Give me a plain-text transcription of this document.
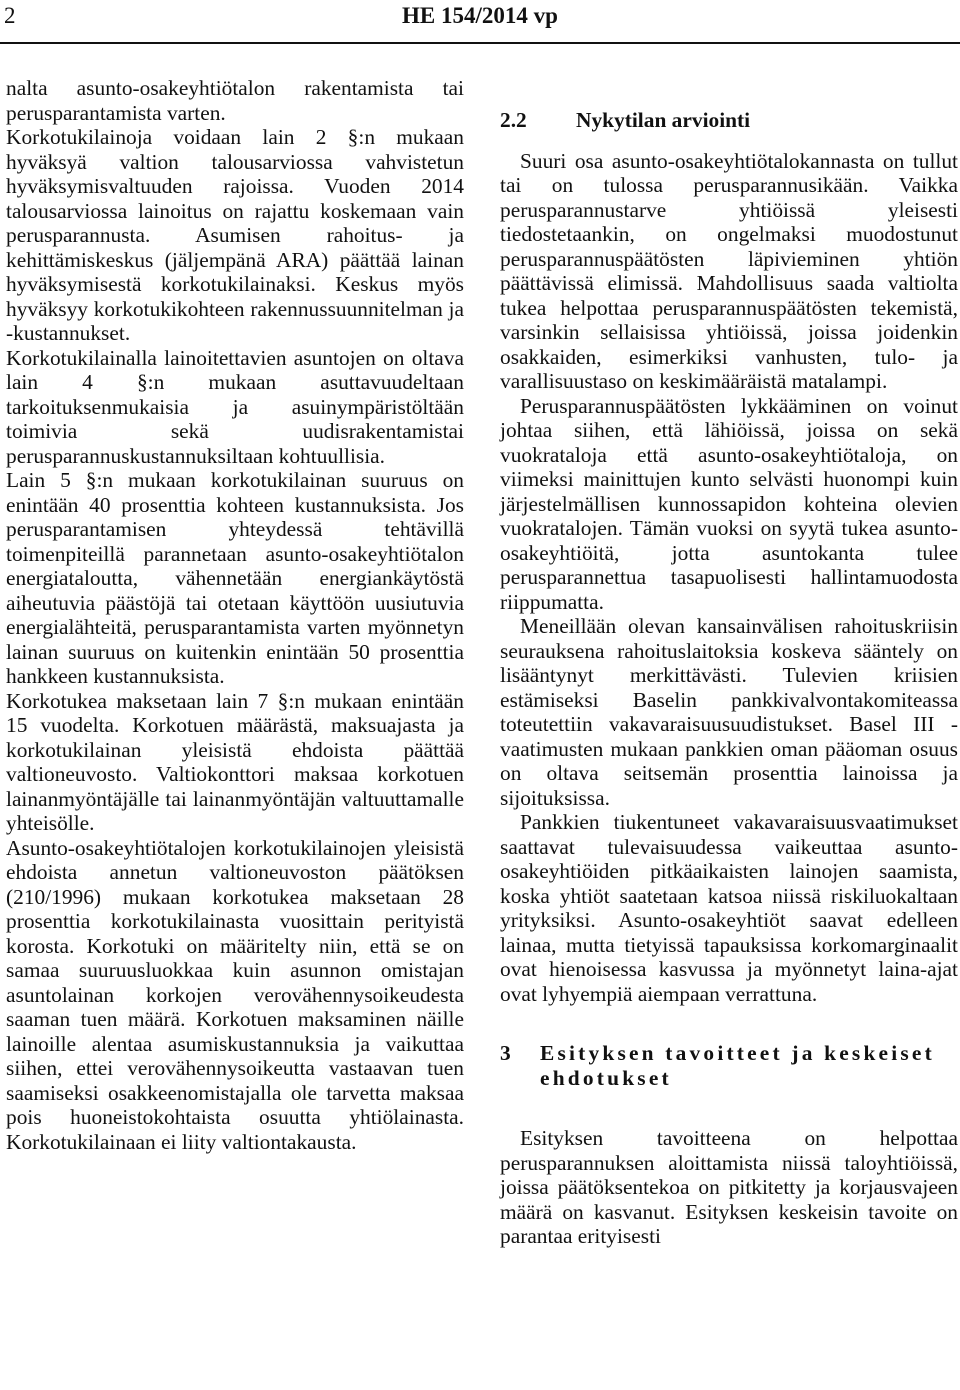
2	HE 154/2014 vp

nalta asunto-osakeyhtiötalon rakentamista tai perusparantamista varten.

Korkotukilainoja voidaan lain 2 §:n mukaan hyväksyä valtion talousarviossa vahvistetun hyväksymisvaltuuden rajoissa. Vuoden 2014 talousarviossa lainoitus on rajattu koskemaan vain perusparannusta. Asumisen rahoitus- ja kehittämiskeskus (jäljempänä ARA) päättää lainan hyväksymisestä korkotukilainaksi. Keskus myös hyväksyy korkotukikohteen rakennussuunnitelman ja -kustannukset.

Korkotukilainalla lainoitettavien asuntojen on oltava lain 4 §:n mukaan asuttavuudeltaan tarkoituksenmukaisia ja asuinympäristöltään toimivia sekä uudisrakentamistai perusparannuskustannuksiltaan kohtuullisia.

Lain 5 §:n mukaan korkotukilainan suuruus on enintään 40 prosenttia kohteen kustannuksista. Jos perusparantamisen yhteydessä tehtävillä toimenpiteillä parannetaan asunto-osakeyhtiötalon energiataloutta, vähennetään energiankäytöstä aiheutuvia päästöjä tai otetaan käyttöön uusiutuvia energialähteitä, perusparantamista varten myönnetyn lainan suuruus on kuitenkin enintään 50 prosenttia hankkeen kustannuksista.

Korkotukea maksetaan lain 7 §:n mukaan enintään 15 vuodelta. Korkotuen määrästä, maksuajasta ja korkotukilainan yleisistä ehdoista päättää valtioneuvosto. Valtiokonttori maksaa korkotuen lainanmyöntäjälle tai lainanmyöntäjän valtuuttamalle yhteisölle.

Asunto-osakeyhtiötalojen korkotukilainojen yleisistä ehdoista annetun valtioneuvoston päätöksen (210/1996) mukaan korkotukea maksetaan 28 prosenttia korkotukilainasta vuosittain perityistä korosta. Korkotuki on määritelty niin, että se on samaa suuruusluokkaa kuin asunnon omistajan asuntolainan korkojen verovähennysoikeudesta saaman tuen määrä. Korkotuen maksaminen näille lainoille alentaa asumiskustannuksia ja vaikuttaa siihen, ettei verovähennysoikeutta vastaavan tuen saamiseksi osakkeenomistajalla ole tarvetta maksaa pois huoneistokohtaista osuutta yhtiölainasta. Korkotukilainaan ei liity valtiontakausta.

2.2	Nykytilan arviointi

Suuri osa asunto-osakeyhtiötalokannasta on tullut tai on tulossa perusparannusikään. Vaikka perusparannustarve yhtiöissä yleisesti tiedostetaankin, on ongelmaksi muodostunut perusparannuspäätösten läpivieminen yhtiön päättävissä elimissä. Mahdollisuus saada valtiolta tukea helpottaa perusparannuspäätösten tekemistä, varsinkin sellaisissa yhtiöissä, joissa joidenkin osakkaiden, esimerkiksi vanhusten, tulo- ja varallisuustaso on keskimääräistä matalampi.

Perusparannuspäätösten lykkääminen on voinut johtaa siihen, että lähiöissä, joissa on sekä vuokrataloja että asunto-osakeyhtiötaloja, on viimeksi mainittujen kunto selvästi huonompi kuin järjestelmällisen kunnossapidon kohteina olevien vuokratalojen. Tämän vuoksi on syytä tukea asunto-osakeyhtiöitä, jotta asuntokanta tulee perusparannettua tasapuolisesti hallintamuodosta riippumatta.

Meneillään olevan kansainvälisen rahoituskriisin seurauksena rahoituslaitoksia koskeva sääntely on lisääntynyt merkittävästi. Tulevien kriisien estämiseksi Baselin pankkivalvontakomiteassa toteutettiin vakavaraisuusuudistukset. Basel III -vaatimusten mukaan pankkien oman pääoman osuus on oltava seitsemän prosenttia lainoissa ja sijoituksissa.

Pankkien tiukentuneet vakavaraisuusvaatimukset saattavat tulevaisuudessa vaikeuttaa asunto-osakeyhtiöiden pitkäaikaisten lainojen saamista, koska yhtiöt saatetaan katsoa niissä riskiluokaltaan yrityksiksi. Asunto-osakeyhtiöt saavat edelleen lainaa, mutta tietyissä tapauksissa korkomarginaalit ovat hienoisessa kasvussa ja myönnetyt laina-ajat ovat lyhyempiä aiempaan verrattuna.

3	Esityksen tavoitteet ja keskeiset ehdotukset

Esityksen tavoitteena on helpottaa perusparannuksen aloittamista niissä taloyhtiöissä, joissa päätöksentekoa on pitkitetty ja korjausvajeen määrä on kasvanut. Esityksen keskeisin tavoite on parantaa erityisesti
